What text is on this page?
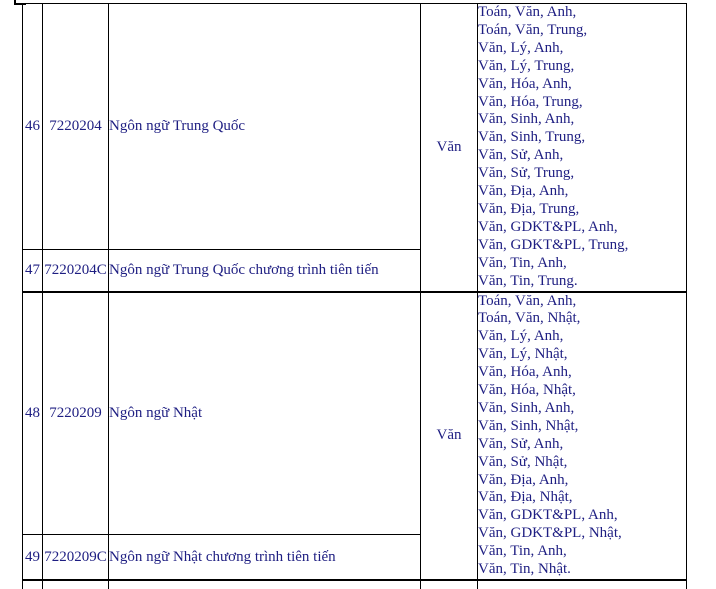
46	7220204	Ngôn ngữ Trung Quốc	Văn	
Toán, Văn, Anh,
Toán, Văn, Trung,
Văn, Lý, Anh,
Văn, Lý, Trung,
Văn, Hóa, Anh,
Văn, Hóa, Trung,
Văn, Sinh, Anh,
Văn, Sinh, Trung,
Văn, Sử, Anh,
Văn, Sử, Trung,
Văn, Địa, Anh,
Văn, Địa, Trung,
Văn, GDKT&PL, Anh,
Văn, GDKT&PL, Trung,
Văn, Tin, Anh,
Văn, Tin, Trung.

47	7220204C	Ngôn ngữ Trung Quốc chương trình tiên tiến		
48	7220209	Ngôn ngữ Nhật	Văn	
Toán, Văn, Anh,
Toán, Văn, Nhật,
Văn, Lý, Anh,
Văn, Lý, Nhật,
Văn, Hóa, Anh,
Văn, Hóa, Nhật,
Văn, Sinh, Anh,
Văn, Sinh, Nhật,
Văn, Sử, Anh,
Văn, Sử, Nhật,
Văn, Địa, Anh,
Văn, Địa, Nhật,
Văn, GDKT&PL, Anh,
Văn, GDKT&PL, Nhật,
Văn, Tin, Anh,
Văn, Tin, Nhật.

49	7220209C	Ngôn ngữ Nhật chương trình tiên tiến		
